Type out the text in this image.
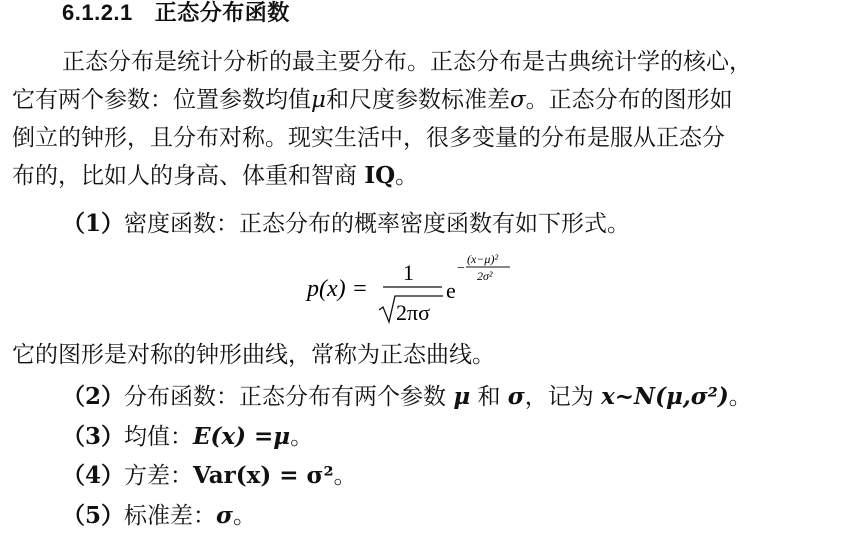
6.1.2.1 正态分布函数
正态分布是统计分析的最主要分布。正态分布是古典统计学的核心，
它有两个参数：位置参数均值μ和尺度参数标准差σ。正态分布的图形如
倒立的钟形，且分布对称。现实生活中，很多变量的分布是服从正态分
布的，比如人的身高、体重和智商 IQ。
（1）密度函数：正态分布的概率密度函数有如下形式。
p(x) =
1
2πσ
e
−
(x−μ)²
2σ²
它的图形是对称的钟形曲线，常称为正态曲线。
（2）分布函数：正态分布有两个参数 μ 和 σ，记为 x~N(μ,σ²)。
（3）均值：E(x) =μ。
（4）方差：Var(x) = σ²。
（5）标准差：σ。
